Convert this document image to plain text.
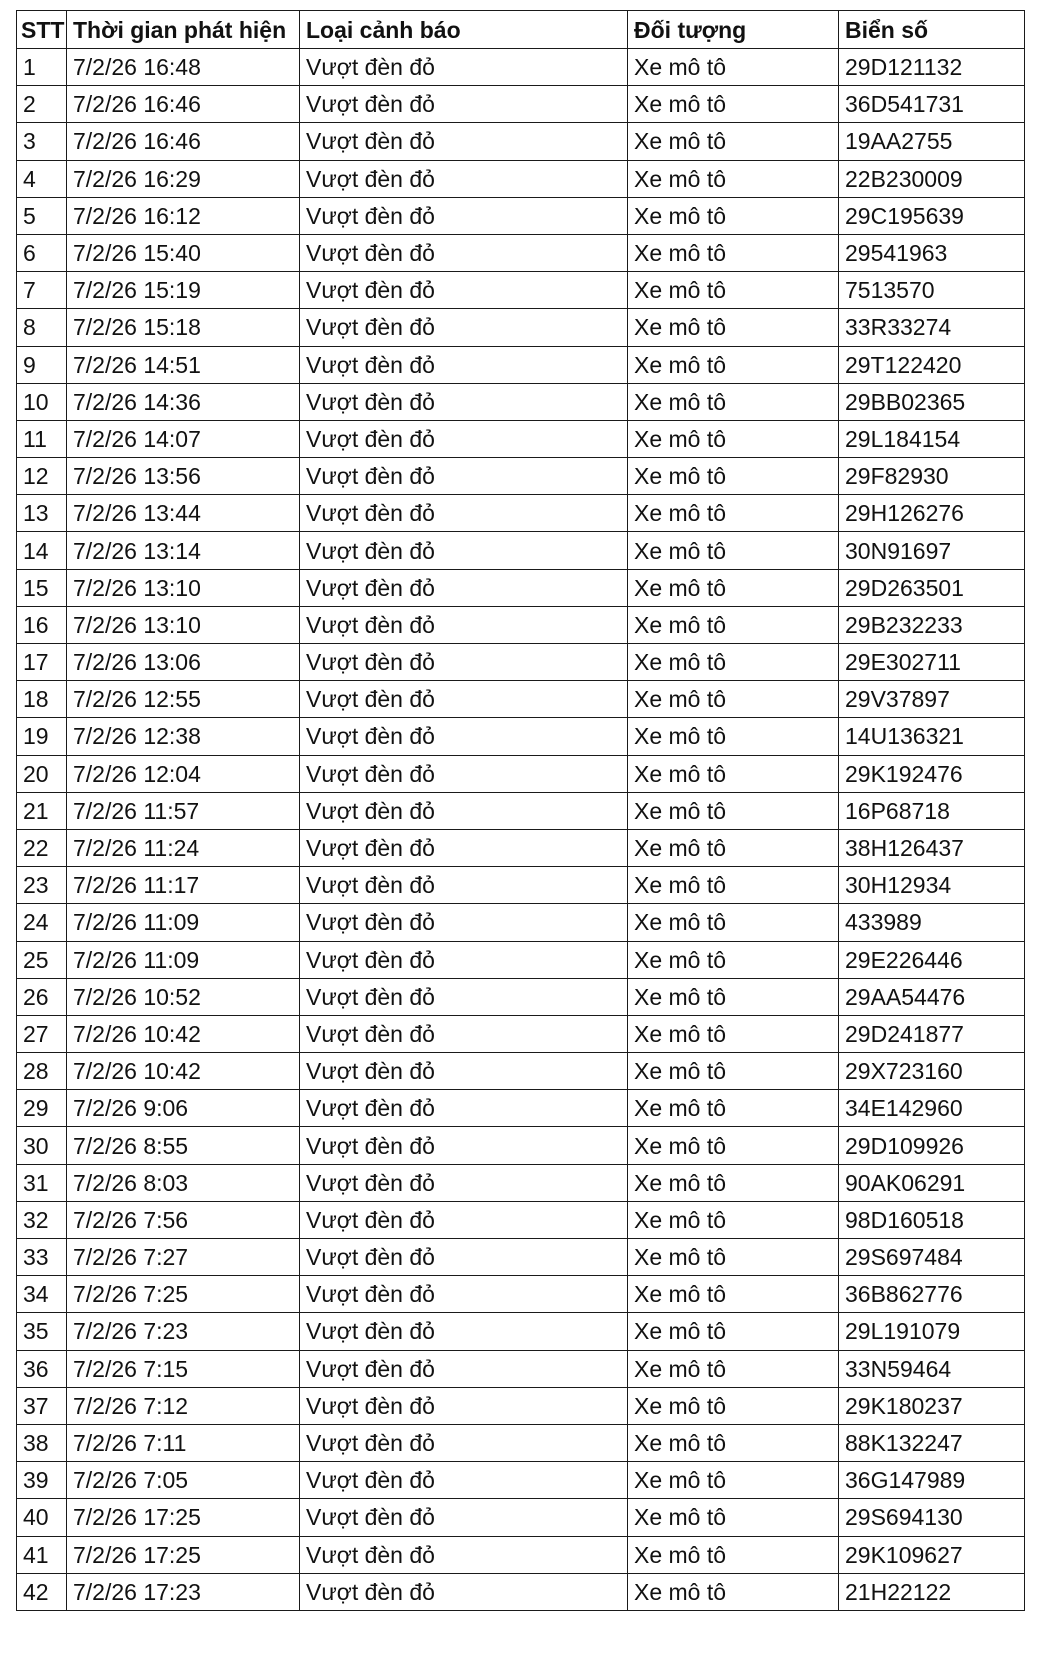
STT	Thời gian phát hiện	Loại cảnh báo	Đối tượng	Biển số
1	7/2/26 16:48	Vượt đèn đỏ	Xe mô tô	29D121132
2	7/2/26 16:46	Vượt đèn đỏ	Xe mô tô	36D541731
3	7/2/26 16:46	Vượt đèn đỏ	Xe mô tô	19AA2755
4	7/2/26 16:29	Vượt đèn đỏ	Xe mô tô	22B230009
5	7/2/26 16:12	Vượt đèn đỏ	Xe mô tô	29C195639
6	7/2/26 15:40	Vượt đèn đỏ	Xe mô tô	29541963
7	7/2/26 15:19	Vượt đèn đỏ	Xe mô tô	7513570
8	7/2/26 15:18	Vượt đèn đỏ	Xe mô tô	33R33274
9	7/2/26 14:51	Vượt đèn đỏ	Xe mô tô	29T122420
10	7/2/26 14:36	Vượt đèn đỏ	Xe mô tô	29BB02365
11	7/2/26 14:07	Vượt đèn đỏ	Xe mô tô	29L184154
12	7/2/26 13:56	Vượt đèn đỏ	Xe mô tô	29F82930
13	7/2/26 13:44	Vượt đèn đỏ	Xe mô tô	29H126276
14	7/2/26 13:14	Vượt đèn đỏ	Xe mô tô	30N91697
15	7/2/26 13:10	Vượt đèn đỏ	Xe mô tô	29D263501
16	7/2/26 13:10	Vượt đèn đỏ	Xe mô tô	29B232233
17	7/2/26 13:06	Vượt đèn đỏ	Xe mô tô	29E302711
18	7/2/26 12:55	Vượt đèn đỏ	Xe mô tô	29V37897
19	7/2/26 12:38	Vượt đèn đỏ	Xe mô tô	14U136321
20	7/2/26 12:04	Vượt đèn đỏ	Xe mô tô	29K192476
21	7/2/26 11:57	Vượt đèn đỏ	Xe mô tô	16P68718
22	7/2/26 11:24	Vượt đèn đỏ	Xe mô tô	38H126437
23	7/2/26 11:17	Vượt đèn đỏ	Xe mô tô	30H12934
24	7/2/26 11:09	Vượt đèn đỏ	Xe mô tô	433989
25	7/2/26 11:09	Vượt đèn đỏ	Xe mô tô	29E226446
26	7/2/26 10:52	Vượt đèn đỏ	Xe mô tô	29AA54476
27	7/2/26 10:42	Vượt đèn đỏ	Xe mô tô	29D241877
28	7/2/26 10:42	Vượt đèn đỏ	Xe mô tô	29X723160
29	7/2/26 9:06	Vượt đèn đỏ	Xe mô tô	34E142960
30	7/2/26 8:55	Vượt đèn đỏ	Xe mô tô	29D109926
31	7/2/26 8:03	Vượt đèn đỏ	Xe mô tô	90AK06291
32	7/2/26 7:56	Vượt đèn đỏ	Xe mô tô	98D160518
33	7/2/26 7:27	Vượt đèn đỏ	Xe mô tô	29S697484
34	7/2/26 7:25	Vượt đèn đỏ	Xe mô tô	36B862776
35	7/2/26 7:23	Vượt đèn đỏ	Xe mô tô	29L191079
36	7/2/26 7:15	Vượt đèn đỏ	Xe mô tô	33N59464
37	7/2/26 7:12	Vượt đèn đỏ	Xe mô tô	29K180237
38	7/2/26 7:11	Vượt đèn đỏ	Xe mô tô	88K132247
39	7/2/26 7:05	Vượt đèn đỏ	Xe mô tô	36G147989
40	7/2/26 17:25	Vượt đèn đỏ	Xe mô tô	29S694130
41	7/2/26 17:25	Vượt đèn đỏ	Xe mô tô	29K109627
42	7/2/26 17:23	Vượt đèn đỏ	Xe mô tô	21H22122
